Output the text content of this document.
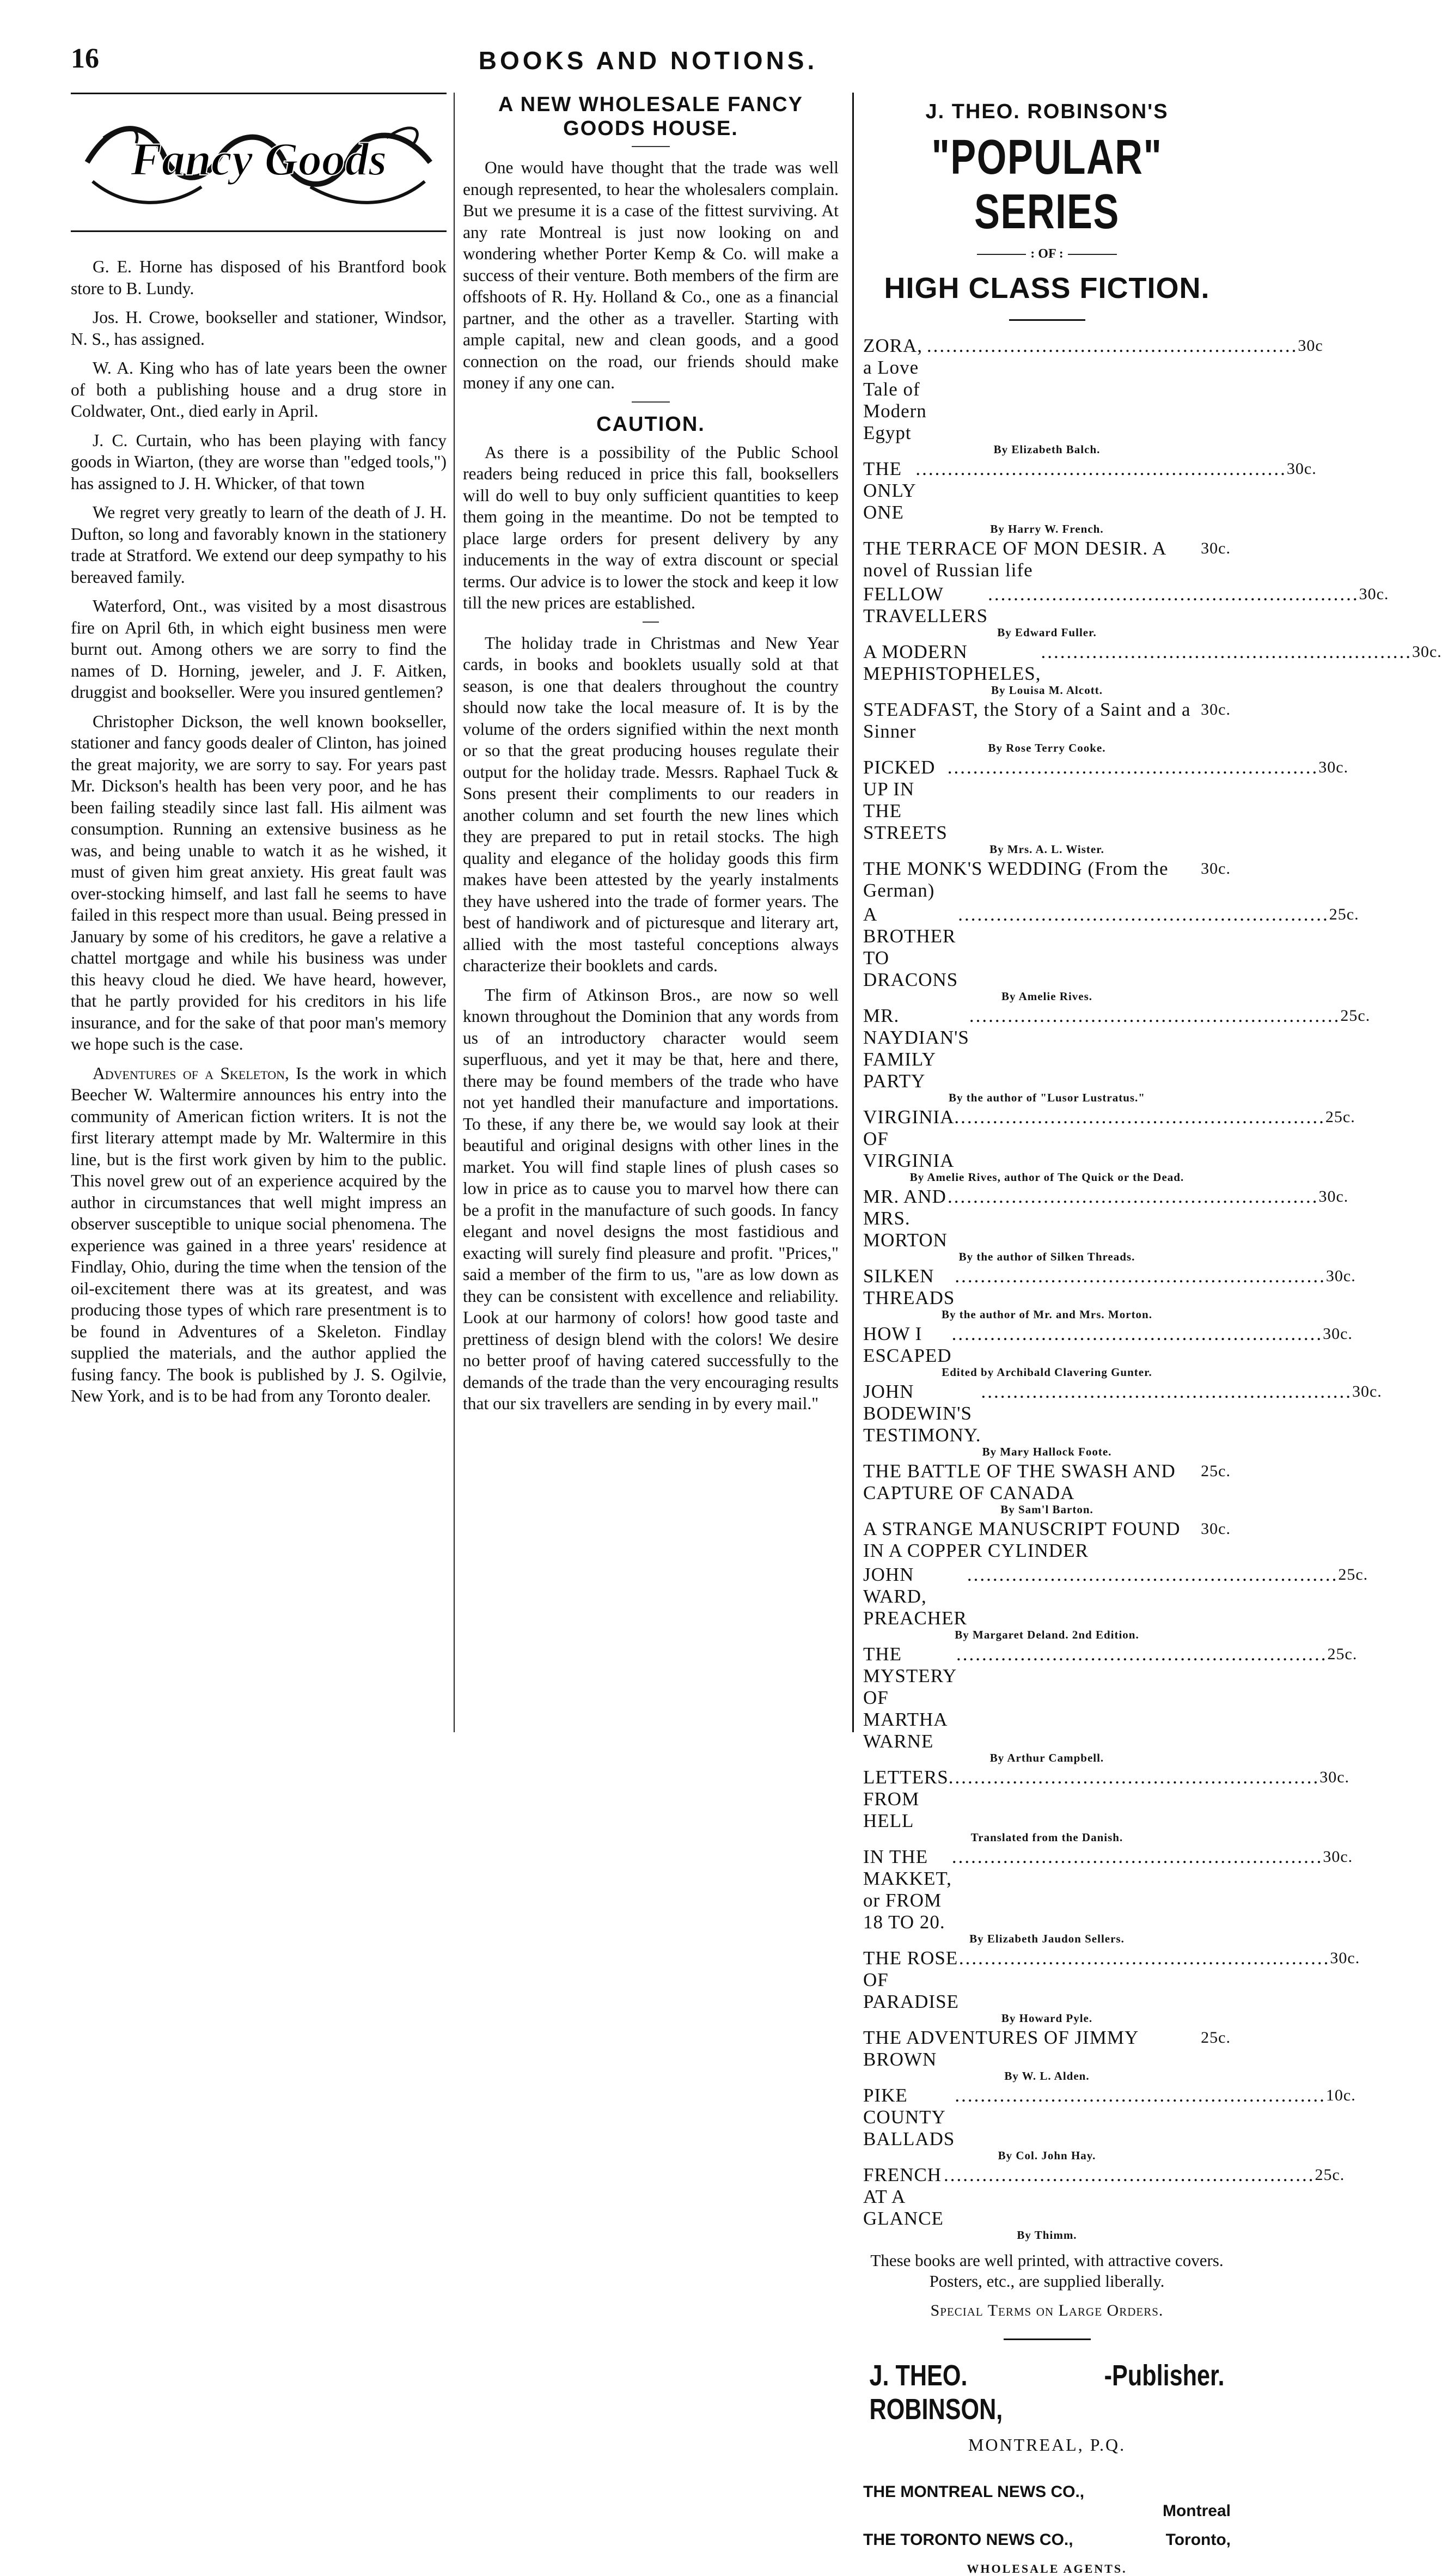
16	BOOKS AND NOTIONS.
Fancy Goods

G. E. Horne has disposed of his Brantford book store to B. Lundy.

Jos. H. Crowe, bookseller and stationer, Windsor, N. S., has assigned.

W. A. King who has of late years been the owner of both a publishing house and a drug store in Coldwater, Ont., died early in April.

J. C. Curtain, who has been playing with fancy goods in Wiarton, (they are worse than "edged tools,") has assigned to J. H. Whicker, of that town

We regret very greatly to learn of the death of J. H. Dufton, so long and favorably known in the stationery trade at Stratford. We extend our deep sympathy to his bereaved family.

Waterford, Ont., was visited by a most disastrous fire on April 6th, in which eight business men were burnt out. Among others we are sorry to find the names of D. Horning, jeweler, and J. F. Aitken, druggist and bookseller. Were you insured gentlemen?

Christopher Dickson, the well known bookseller, stationer and fancy goods dealer of Clinton, has joined the great majority, we are sorry to say. For years past Mr. Dickson's health has been very poor, and he has been failing steadily since last fall. His ailment was consumption. Running an extensive business as he was, and being unable to watch it as he wished, it must of given him great anxiety. His great fault was over-stocking himself, and last fall he seems to have failed in this respect more than usual. Being pressed in January by some of his creditors, he gave a relative a chattel mortgage and while his business was under this heavy cloud he died. We have heard, however, that he partly provided for his creditors in his life insurance, and for the sake of that poor man's memory we hope such is the case.

Adventures of a Skeleton, Is the work in which Beecher W. Waltermire announces his entry into the community of American fiction writers. It is not the first literary attempt made by Mr. Waltermire in this line, but is the first work given by him to the public. This novel grew out of an experience acquired by the author in circumstances that well might impress an observer susceptible to unique social phenomena. The experience was gained in a three years' residence at Findlay, Ohio, during the time when the tension of the oil-excitement there was at its greatest, and was producing those types of which rare presentment is to be found in Adventures of a Skeleton. Findlay supplied the materials, and the author applied the fusing fancy. The book is published by J. S. Ogilvie, New York, and is to be had from any Toronto dealer.

A NEW WHOLESALE FANCY GOODS HOUSE.

One would have thought that the trade was well enough represented, to hear the wholesalers complain. But we presume it is a case of the fittest surviving. At any rate Montreal is just now looking on and wondering whether Porter Kemp & Co. will make a success of their venture. Both members of the firm are offshoots of R. Hy. Holland & Co., one as a financial partner, and the other as a traveller. Starting with ample capital, new and clean goods, and a good connection on the road, our friends should make money if any one can.

CAUTION.

As there is a possibility of the Public School readers being reduced in price this fall, booksellers will do well to buy only sufficient quantities to keep them going in the meantime. Do not be tempted to place large orders for present delivery by any inducements in the way of extra discount or special terms. Our advice is to lower the stock and keep it low till the new prices are established.

The holiday trade in Christmas and New Year cards, in books and booklets usually sold at that season, is one that dealers throughout the country should now take the local measure of. It is by the volume of the orders signified within the next month or so that the great producing houses regulate their output for the holiday trade. Messrs. Raphael Tuck & Sons present their compliments to our readers in another column and set fourth the new lines which they are prepared to put in retail stocks. The high quality and elegance of the holiday goods this firm makes have been attested by the yearly instalments they have ushered into the trade of former years. The best of handiwork and of picturesque and literary art, allied with the most tasteful conceptions always characterize their booklets and cards.

The firm of Atkinson Bros., are now so well known throughout the Dominion that any words from us of an introductory character would seem superfluous, and yet it may be that, here and there, there may be found members of the trade who have not yet handled their manufacture and importations. To these, if any there be, we would say look at their beautiful and original designs with other lines in the market. You will find staple lines of plush cases so low in price as to cause you to marvel how there can be a profit in the manufacture of such goods. In fancy elegant and novel designs the most fastidious and exacting will surely find pleasure and profit. "Prices," said a member of the firm to us, "are as low down as they can be consistent with excellence and reliability. Look at our harmony of colors! how good taste and prettiness of design blend with the colors! We desire no better proof of having catered successfully to the demands of the trade than the very encouraging results that our six travellers are sending in by every mail."

J. THEO. ROBINSON'S
"POPULAR" SERIES
: OF :
HIGH CLASS FICTION.
ZORA, a Love Tale of Modern Egypt
.......................................................... 30c
By Elizabeth Balch.
THE ONLY ONE
.......................................................... 30c.
By Harry W. French.
THE TERRACE OF MON DESIR. A novel of Russian life
30c.
FELLOW TRAVELLERS
.......................................................... 30c.
By Edward Fuller.
A MODERN MEPHISTOPHELES,
.......................................................... 30c.
By Louisa M. Alcott.
STEADFAST, the Story of a Saint and a Sinner
30c.
By Rose Terry Cooke.
PICKED UP IN THE STREETS
.......................................................... 30c.
By Mrs. A. L. Wister.
THE MONK'S WEDDING (From the German)
30c.
A BROTHER TO DRACONS
.......................................................... 25c.
By Amelie Rives.
MR. NAYDIAN'S FAMILY PARTY
.......................................................... 25c.
By the author of "Lusor Lustratus."
VIRGINIA OF VIRGINIA
.......................................................... 25c.
By Amelie Rives, author of The Quick or the Dead.
MR. AND MRS. MORTON
.......................................................... 30c.
By the author of Silken Threads.
SILKEN THREADS
.......................................................... 30c.
By the author of Mr. and Mrs. Morton.
HOW I ESCAPED
.......................................................... 30c.
Edited by Archibald Clavering Gunter.
JOHN BODEWIN'S TESTIMONY.
.......................................................... 30c.
By Mary Hallock Foote.
THE BATTLE OF THE SWASH AND CAPTURE OF CANADA
25c.
By Sam'l Barton.
A STRANGE MANUSCRIPT FOUND IN A COPPER CYLINDER
30c.
JOHN WARD, PREACHER
.......................................................... 25c.
By Margaret Deland. 2nd Edition.
THE MYSTERY OF MARTHA WARNE
.......................................................... 25c.
By Arthur Campbell.
LETTERS FROM HELL
.......................................................... 30c.
Translated from the Danish.
IN THE MAKKET, or FROM 18 TO 20.
.......................................................... 30c.
By Elizabeth Jaudon Sellers.
THE ROSE OF PARADISE
.......................................................... 30c.
By Howard Pyle.
THE ADVENTURES OF JIMMY BROWN
25c.
By W. L. Alden.
PIKE COUNTY BALLADS
.......................................................... 10c.
By Col. John Hay.
FRENCH AT A GLANCE
.......................................................... 25c.
By Thimm.
These books are well printed, with attractive covers. Posters, etc., are supplied liberally.
Special Terms on Large Orders.
J. THEO. ROBINSON,
- Publisher.
MONTREAL, P.Q.
THE MONTREAL NEWS CO.,
Montreal
THE TORONTO NEWS CO.,	Toronto,
WHOLESALE AGENTS.
